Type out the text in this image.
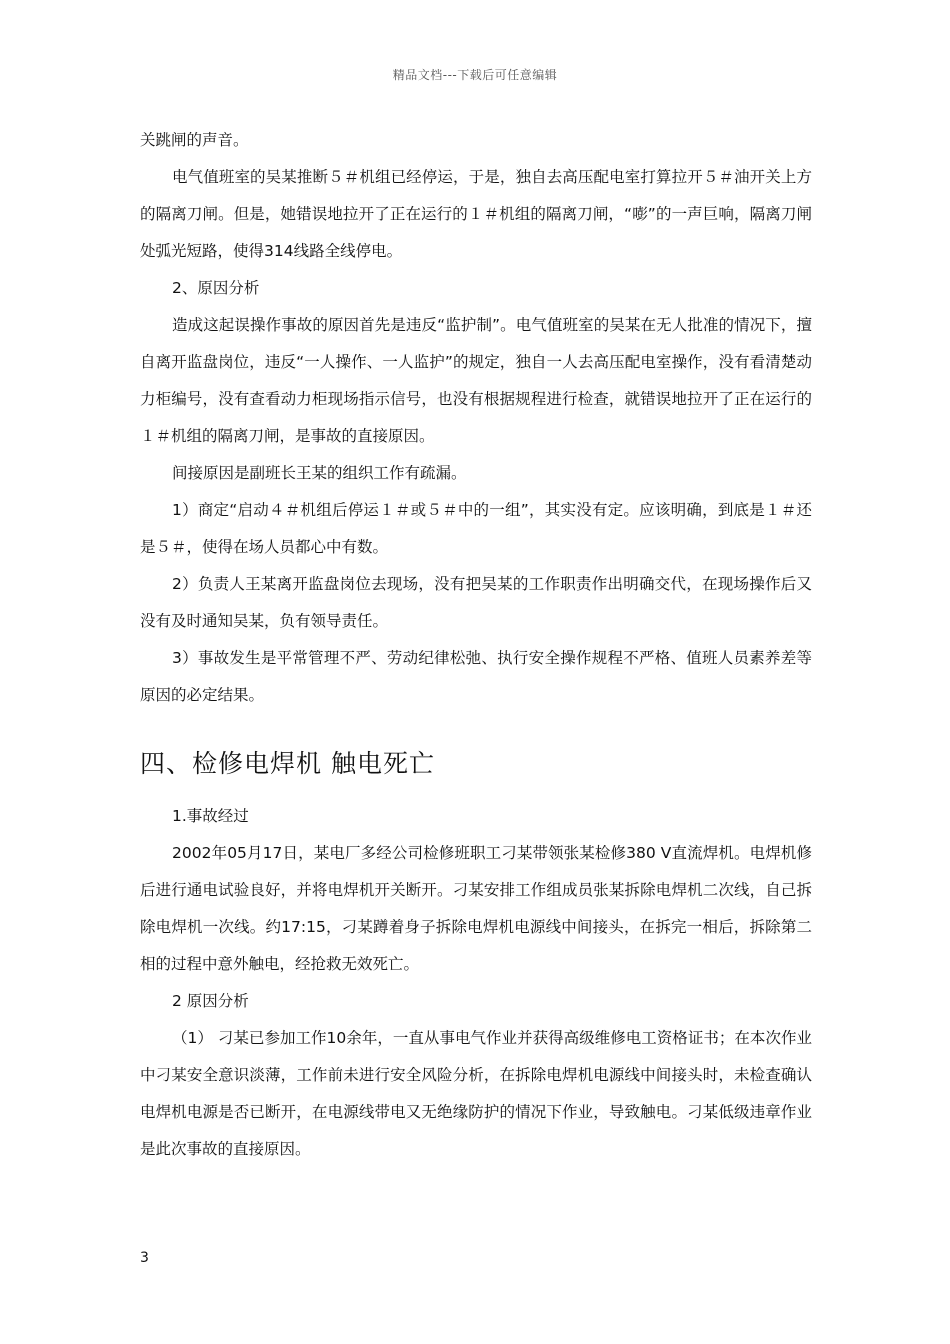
精品文档---下载后可任意编辑

关跳闸的声音。

电气值班室的吴某推断５＃机组已经停运，于是，独自去高压配电室打算拉开５＃油开关上方的隔离刀闸。但是，她错误地拉开了正在运行的１＃机组的隔离刀闸，“嘭”的一声巨响，隔离刀闸处弧光短路，使得314线路全线停电。

2、原因分析

造成这起误操作事故的原因首先是违反“监护制”。电气值班室的吴某在无人批准的情况下，擅自离开监盘岗位，违反“一人操作、一人监护”的规定，独自一人去高压配电室操作，没有看清楚动力柜编号，没有查看动力柜现场指示信号，也没有根据规程进行检查，就错误地拉开了正在运行的１＃机组的隔离刀闸，是事故的直接原因。

间接原因是副班长王某的组织工作有疏漏。

1）商定“启动４＃机组后停运１＃或５＃中的一组”，其实没有定。应该明确，到底是１＃还是５＃，使得在场人员都心中有数。

2）负责人王某离开监盘岗位去现场，没有把吴某的工作职责作出明确交代，在现场操作后又没有及时通知吴某，负有领导责任。

3）事故发生是平常管理不严、劳动纪律松弛、执行安全操作规程不严格、值班人员素养差等原因的必定结果。

四、检修电焊机 触电死亡

1.事故经过

2002年05月17日，某电厂多经公司检修班职工刁某带领张某检修380 V直流焊机。电焊机修后进行通电试验良好，并将电焊机开关断开。刁某安排工作组成员张某拆除电焊机二次线，自己拆除电焊机一次线。约17:15，刁某蹲着身子拆除电焊机电源线中间接头，在拆完一相后，拆除第二相的过程中意外触电，经抢救无效死亡。

2 原因分析

（1） 刁某已参加工作10余年，一直从事电气作业并获得高级维修电工资格证书；在本次作业中刁某安全意识淡薄，工作前未进行安全风险分析，在拆除电焊机电源线中间接头时，未检查确认电焊机电源是否已断开，在电源线带电又无绝缘防护的情况下作业，导致触电。刁某低级违章作业是此次事故的直接原因。

3
